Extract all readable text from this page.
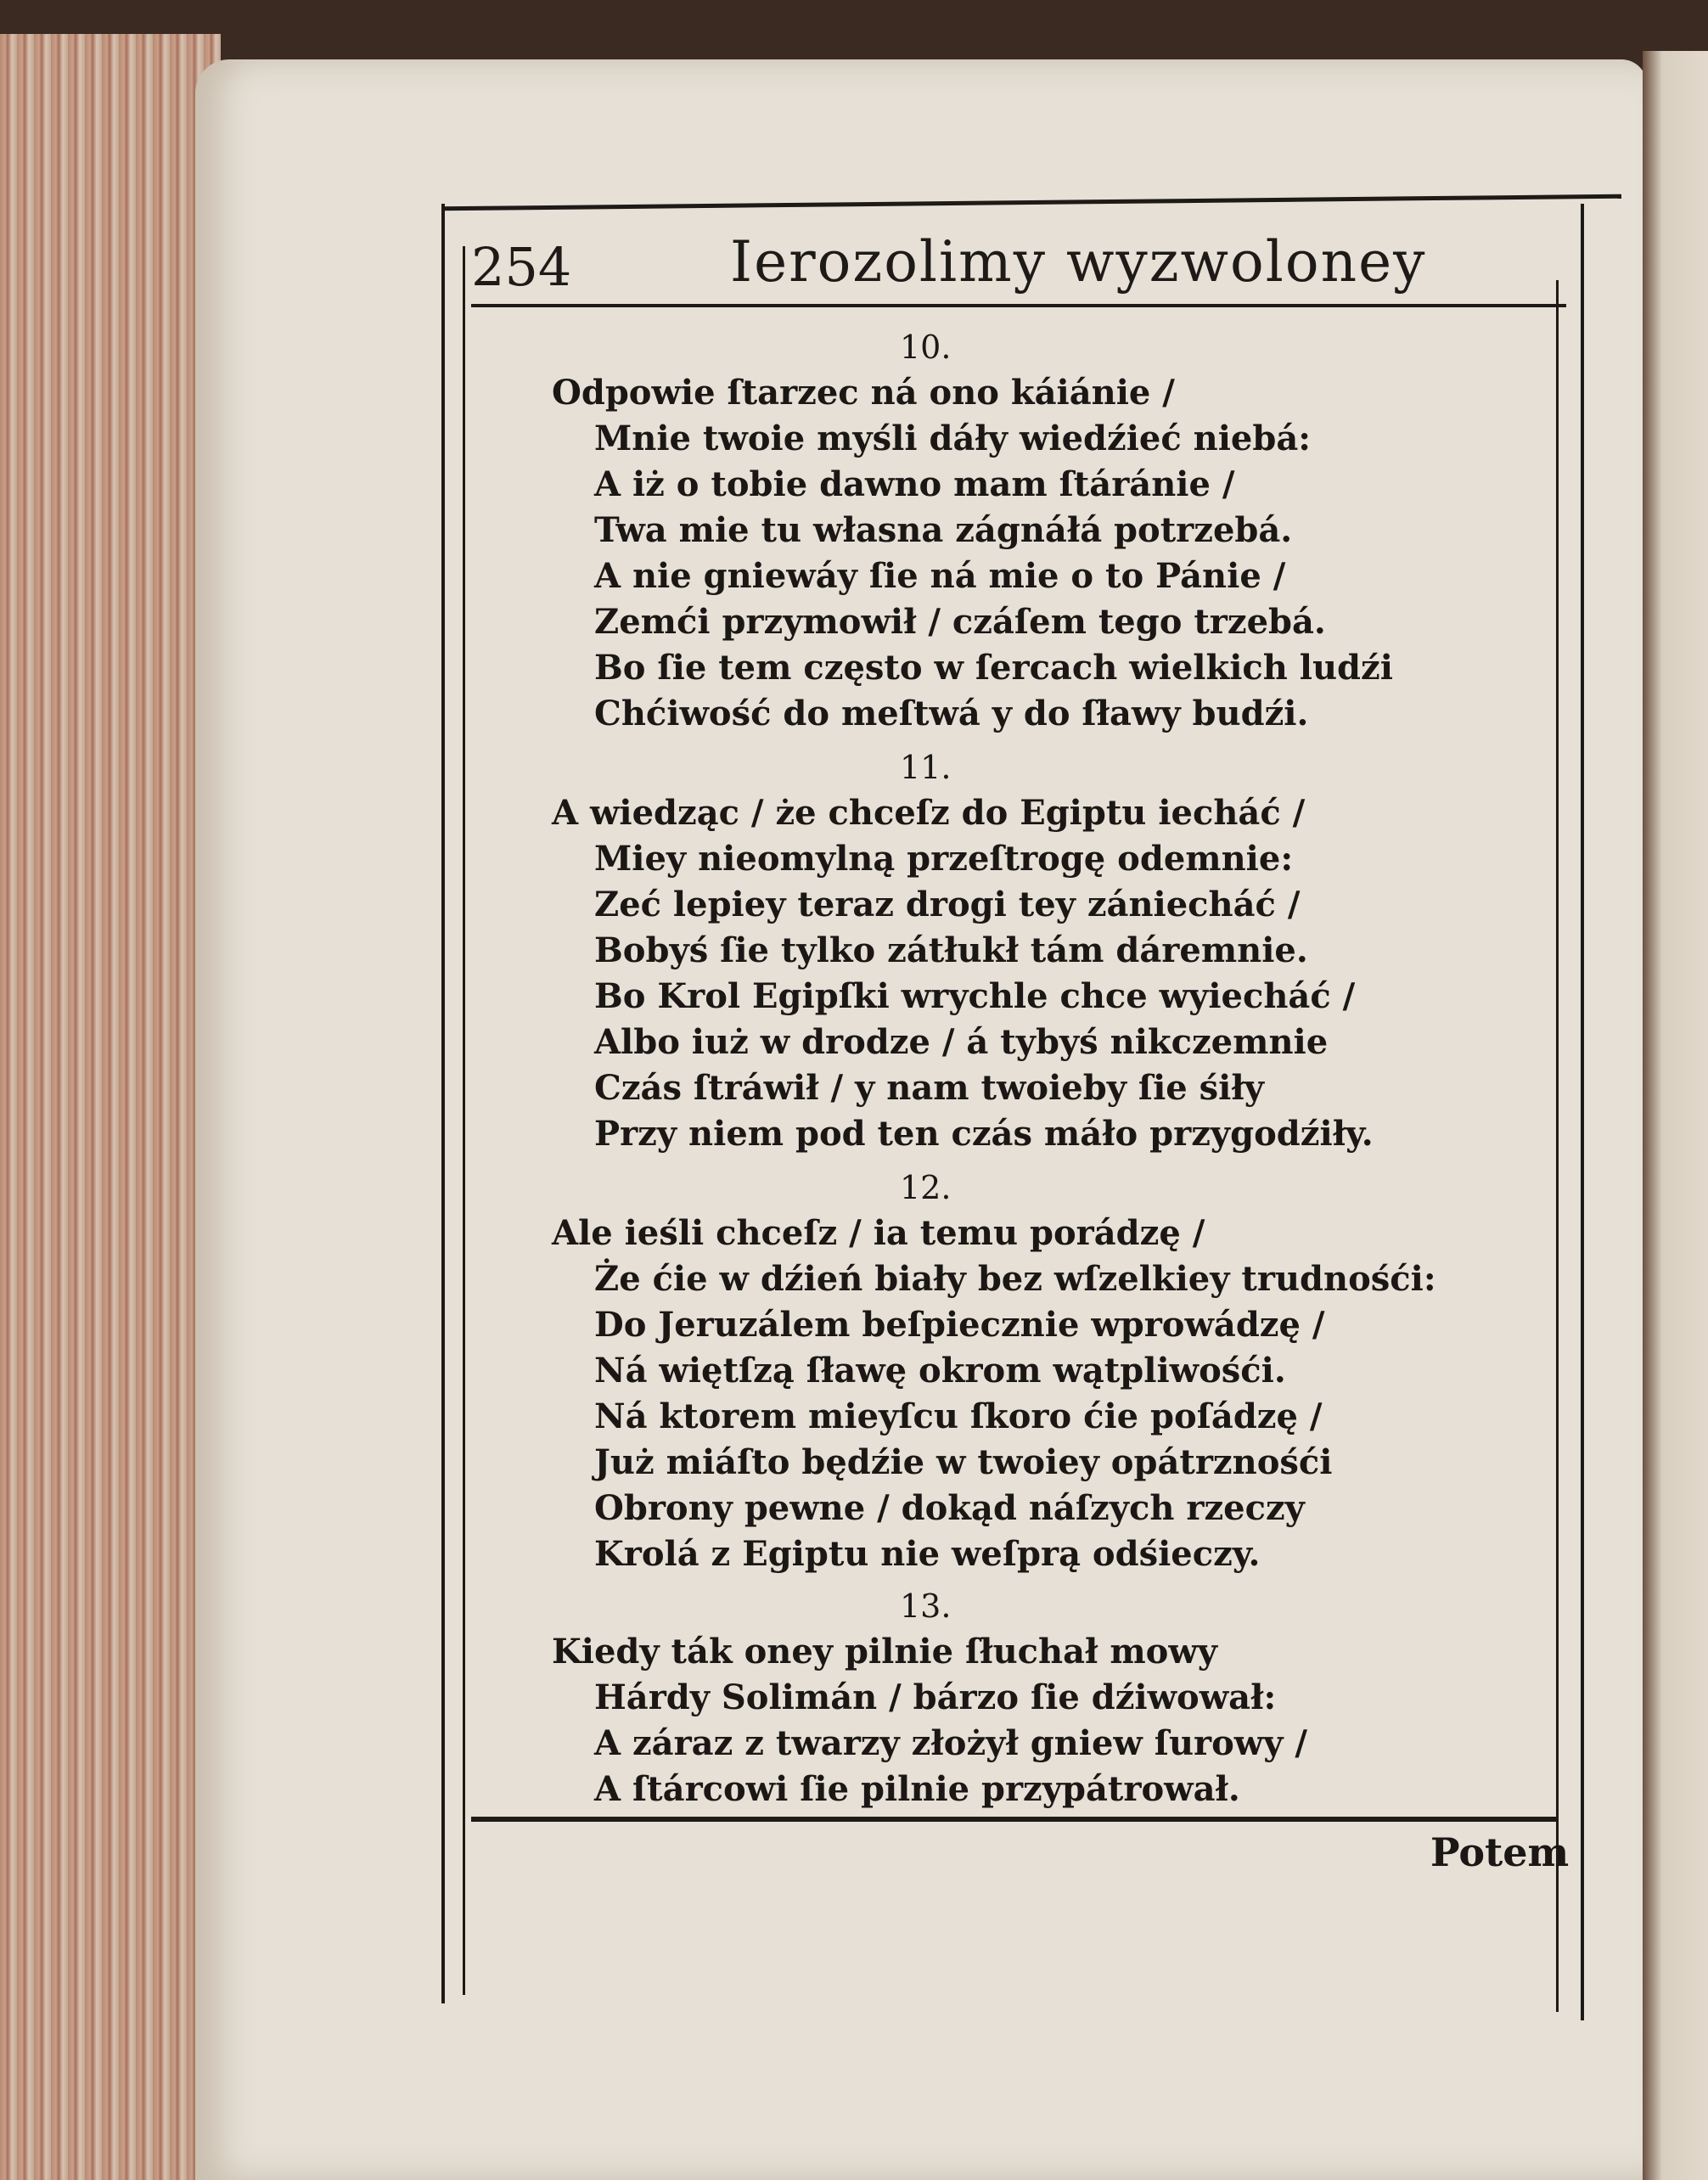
254	Ierozolimy wyzwoloney
10.
Odpowie ſtarzec ná ono káiánie /
Mnie twoie myśli dáły wiedźieć niebá:
A iż o tobie dawno mam ſtáránie /
Twa mie tu własna zágnáłá potrzebá.
A nie gniewáy ſie ná mie o to Pánie /
Zemći przymowił / czáſem tego trzebá.
Bo ſie tem często w ſercach wielkich ludźi
Chćiwość do meſtwá y do ſławy budźi.
11.
A wiedząc / że chceſz do Egiptu iecháć /
Miey nieomylną przeſtrogę odemnie:
Zeć lepiey teraz drogi tey zániecháć /
Bobyś ſie tylko zátłukł tám dáremnie.
Bo Krol Egipſki wrychle chce wyiecháć /
Albo iuż w drodze / á tybyś nikczemnie
Czás ſtráwił / y nam twoieby ſie śiły
Przy niem pod ten czás máło przygodźiły.
12.
Ale ieśli chceſz / ia temu porádzę /
Że ćie w dźień biały bez wſzelkiey trudnośći:
Do Jeruzálem beſpiecznie wprowádzę /
Ná więtſzą ſławę okrom wątpliwośći.
Ná ktorem mieyſcu ſkoro ćie poſádzę /
Już miáſto będźie w twoiey opátrznośći
Obrony pewne / dokąd náſzych rzeczy
Krolá z Egiptu nie weſprą odśieczy.
13.
Kiedy ták oney pilnie ſłuchał mowy
Hárdy Solimán / bárzo ſie dźiwował:
A záraz z twarzy złożył gniew ſurowy /
A ſtárcowi ſie pilnie przypátrował.
Potem
